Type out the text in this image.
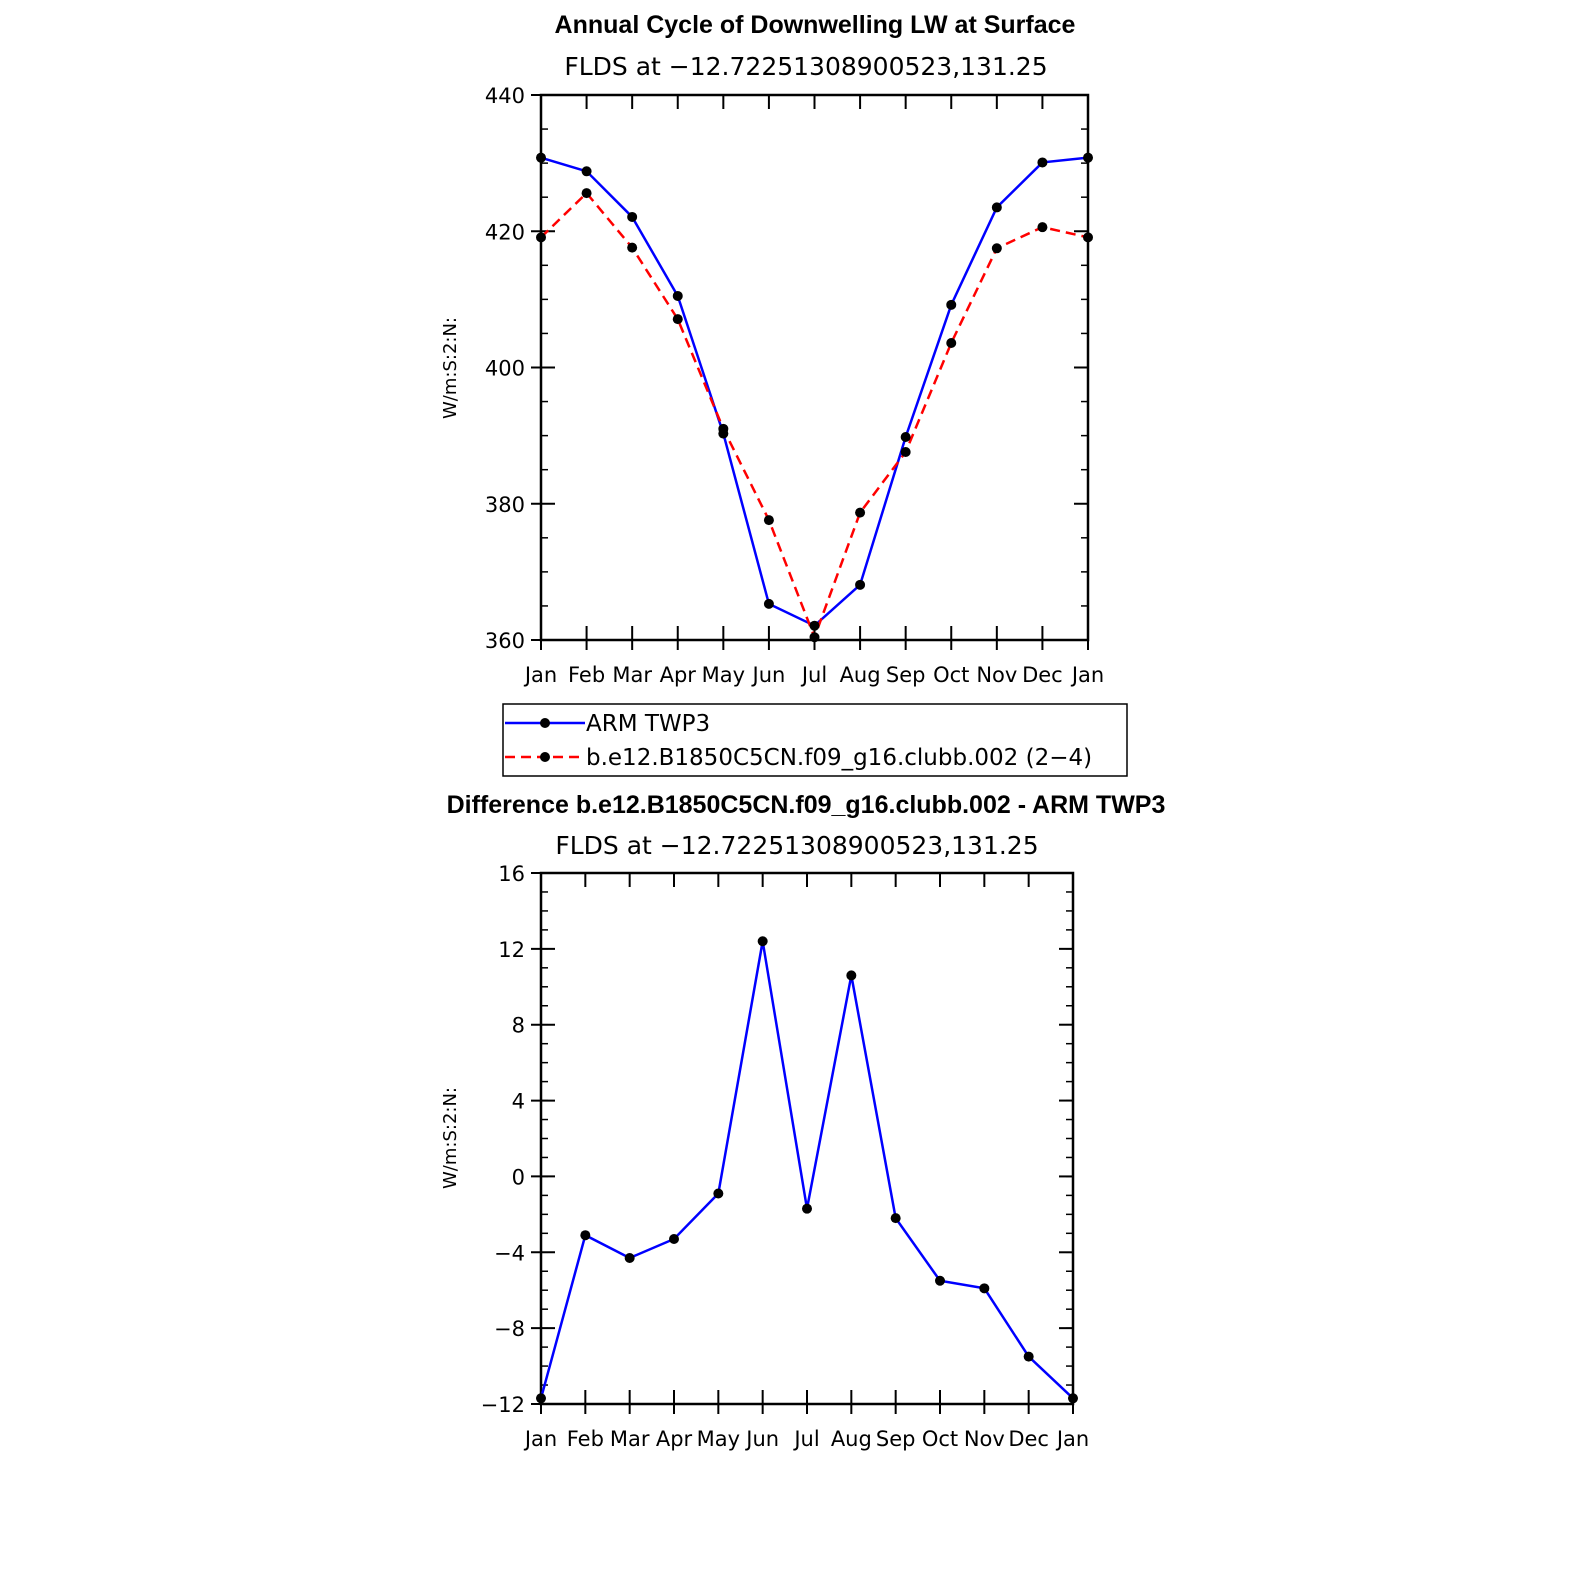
Annual Cycle of Downwelling LW at Surface
FLDS at −12.72251308900523,131.25
W/m:S:2:N:
Jan Feb Mar Apr May Jun Jul Aug Sep Oct Nov Dec Jan
360
380
400
420
440
ARM TWP3
b.e12.B1850C5CN.f09_g16.clubb.002 (2−4)
Difference b.e12.B1850C5CN.f09_g16.clubb.002 - ARM TWP3
FLDS at −12.72251308900523,131.25
W/m:S:2:N:
Jan Feb Mar Apr May Jun Jul Aug Sep Oct Nov Dec Jan
−12
−8
−4
0
4
8
12
16
